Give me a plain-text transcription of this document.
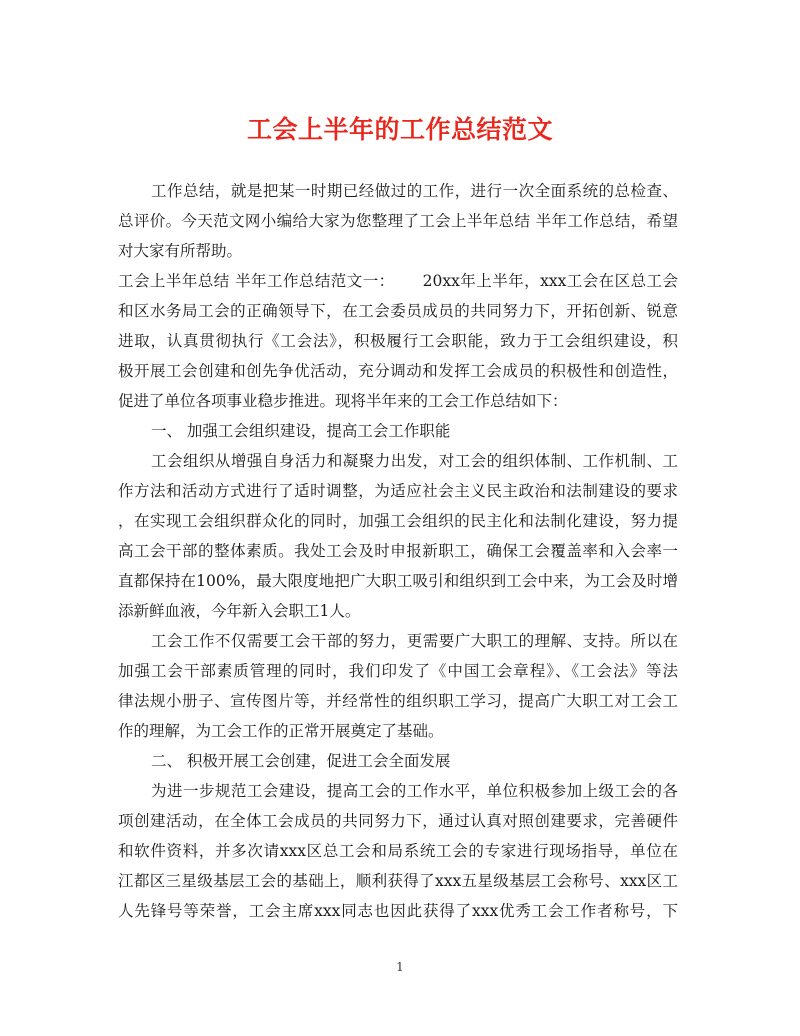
工会上半年的工作总结范文
工作总结，就是把某一时期已经做过的工作，进行一次全面系统的总检查、
总评价。今天范文网小编给大家为您整理了工会上半年总结 半年工作总结，希望
对大家有所帮助。
工会上半年总结 半年工作总结范文一： 20xx年上半年，xxx工会在区总工会
和区水务局工会的正确领导下，在工会委员成员的共同努力下，开拓创新、锐意
进取，认真贯彻执行《工会法》，积极履行工会职能，致力于工会组织建设，积
极开展工会创建和创先争优活动，充分调动和发挥工会成员的积极性和创造性，
促进了单位各项事业稳步推进。现将半年来的工会工作总结如下：
一、 加强工会组织建设，提高工会工作职能
工会组织从增强自身活力和凝聚力出发，对工会的组织体制、工作机制、工
作方法和活动方式进行了适时调整，为适应社会主义民主政治和法制建设的要求
，在实现工会组织群众化的同时，加强工会组织的民主化和法制化建设，努力提
高工会干部的整体素质。我处工会及时申报新职工，确保工会覆盖率和入会率一
直都保持在100%，最大限度地把广大职工吸引和组织到工会中来，为工会及时增
添新鲜血液，今年新入会职工1人。
工会工作不仅需要工会干部的努力，更需要广大职工的理解、支持。所以在
加强工会干部素质管理的同时，我们印发了《中国工会章程》、《工会法》等法
律法规小册子、宣传图片等，并经常性的组织职工学习，提高广大职工对工会工
作的理解，为工会工作的正常开展奠定了基础。
二、 积极开展工会创建，促进工会全面发展
为进一步规范工会建设，提高工会的工作水平，单位积极参加上级工会的各
项创建活动，在全体工会成员的共同努力下，通过认真对照创建要求，完善硬件
和软件资料，并多次请xxx区总工会和局系统工会的专家进行现场指导，单位在
江都区三星级基层工会的基础上，顺利获得了xxx五星级基层工会称号、xxx区工
人先锋号等荣誉，工会主席xxx同志也因此获得了xxx优秀工会工作者称号，下
1
